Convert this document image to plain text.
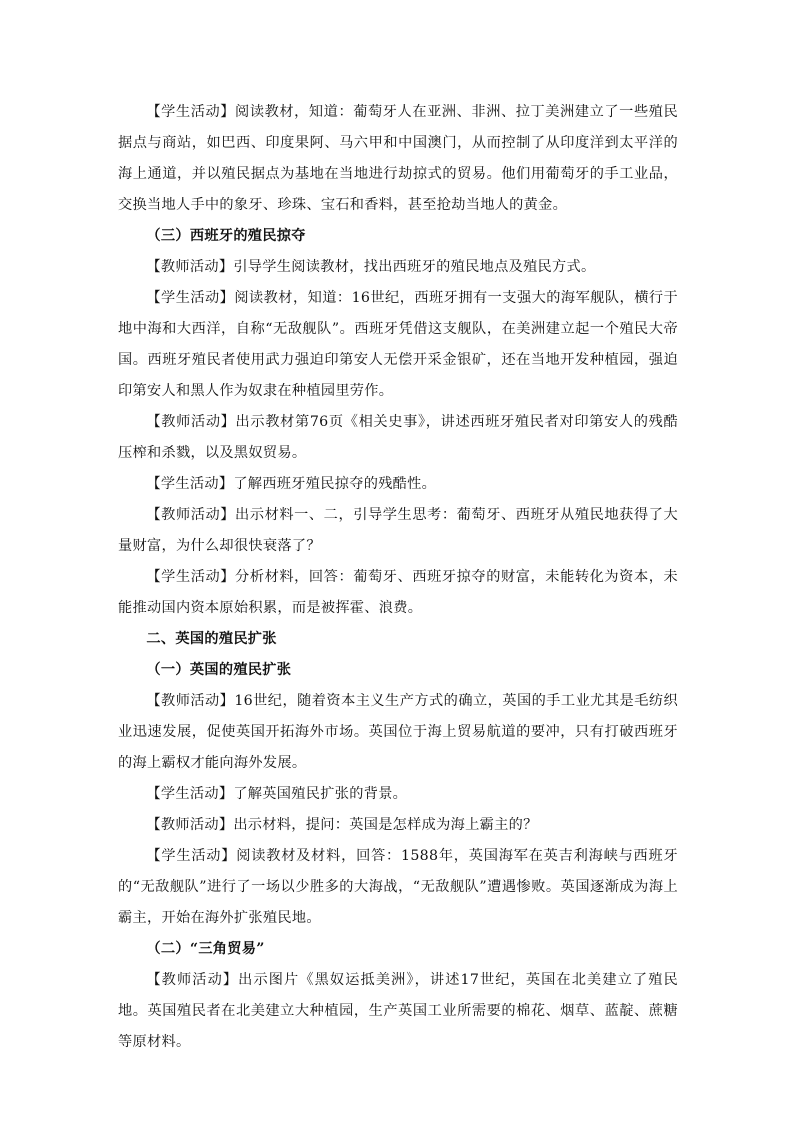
【学生活动】阅读教材，知道：葡萄牙人在亚洲、非洲、拉丁美洲建立了一些殖民据点与商站，如巴西、印度果阿、马六甲和中国澳门，从而控制了从印度洋到太平洋的海上通道，并以殖民据点为基地在当地进行劫掠式的贸易。他们用葡萄牙的手工业品，交换当地人手中的象牙、珍珠、宝石和香料，甚至抢劫当地人的黄金。

（三）西班牙的殖民掠夺

【教师活动】引导学生阅读教材，找出西班牙的殖民地点及殖民方式。

【学生活动】阅读教材，知道：16世纪，西班牙拥有一支强大的海军舰队，横行于地中海和大西洋，自称“无敌舰队”。西班牙凭借这支舰队，在美洲建立起一个殖民大帝国。西班牙殖民者使用武力强迫印第安人无偿开采金银矿，还在当地开发种植园，强迫印第安人和黑人作为奴隶在种植园里劳作。

【教师活动】出示教材第76页《相关史事》，讲述西班牙殖民者对印第安人的残酷压榨和杀戮，以及黑奴贸易。

【学生活动】了解西班牙殖民掠夺的残酷性。

【教师活动】出示材料一、二，引导学生思考：葡萄牙、西班牙从殖民地获得了大量财富，为什么却很快衰落了？

【学生活动】分析材料，回答：葡萄牙、西班牙掠夺的财富，未能转化为资本，未能推动国内资本原始积累，而是被挥霍、浪费。

二、英国的殖民扩张

（一）英国的殖民扩张

【教师活动】16世纪，随着资本主义生产方式的确立，英国的手工业尤其是毛纺织业迅速发展，促使英国开拓海外市场。英国位于海上贸易航道的要冲，只有打破西班牙的海上霸权才能向海外发展。

【学生活动】了解英国殖民扩张的背景。

【教师活动】出示材料，提问：英国是怎样成为海上霸主的？

【学生活动】阅读教材及材料，回答：1588年，英国海军在英吉利海峡与西班牙的“无敌舰队”进行了一场以少胜多的大海战，“无敌舰队”遭遇惨败。英国逐渐成为海上霸主，开始在海外扩张殖民地。

（二）“三角贸易”

【教师活动】出示图片《黑奴运抵美洲》，讲述17世纪，英国在北美建立了殖民地。英国殖民者在北美建立大种植园，生产英国工业所需要的棉花、烟草、蓝靛、蔗糖等原材料。
